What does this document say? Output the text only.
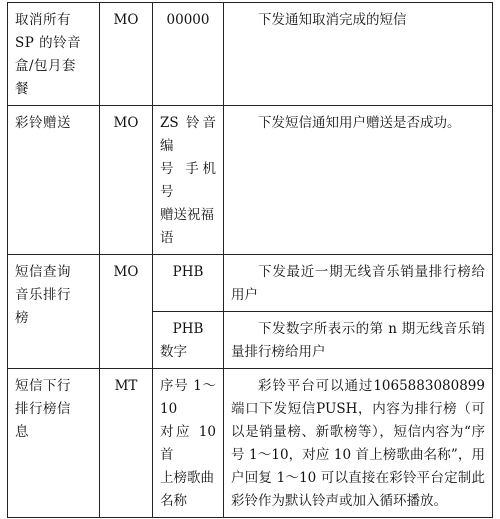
取消所有
SP 的铃音
盒/包月套
餐	MO	00000	下发通知取消完成的短信

彩铃赠送	MO	ZS 铃音编
号 手机号
赠送祝福
语	下发短信通知用户赠送是否成功。

短信查询
音乐排行
榜	MO	PHB	下发最近一期无线音乐销量排行榜给用户

		PHB
数字	下发数字所表示的第 n 期无线音乐销量排行榜给用户

短信下行
排行榜信
息	MT	序号 1～10
对应 10 首
上榜歌曲
名称	彩铃平台可以通过1065883080899 端口下发短信PUSH，内容为排行榜（可以是销量榜、新歌榜等），短信内容为“序号 1～10，对应 10 首上榜歌曲名称”，用户回复 1～10 可以直接在彩铃平台定制此彩铃作为默认铃声或加入循环播放。
